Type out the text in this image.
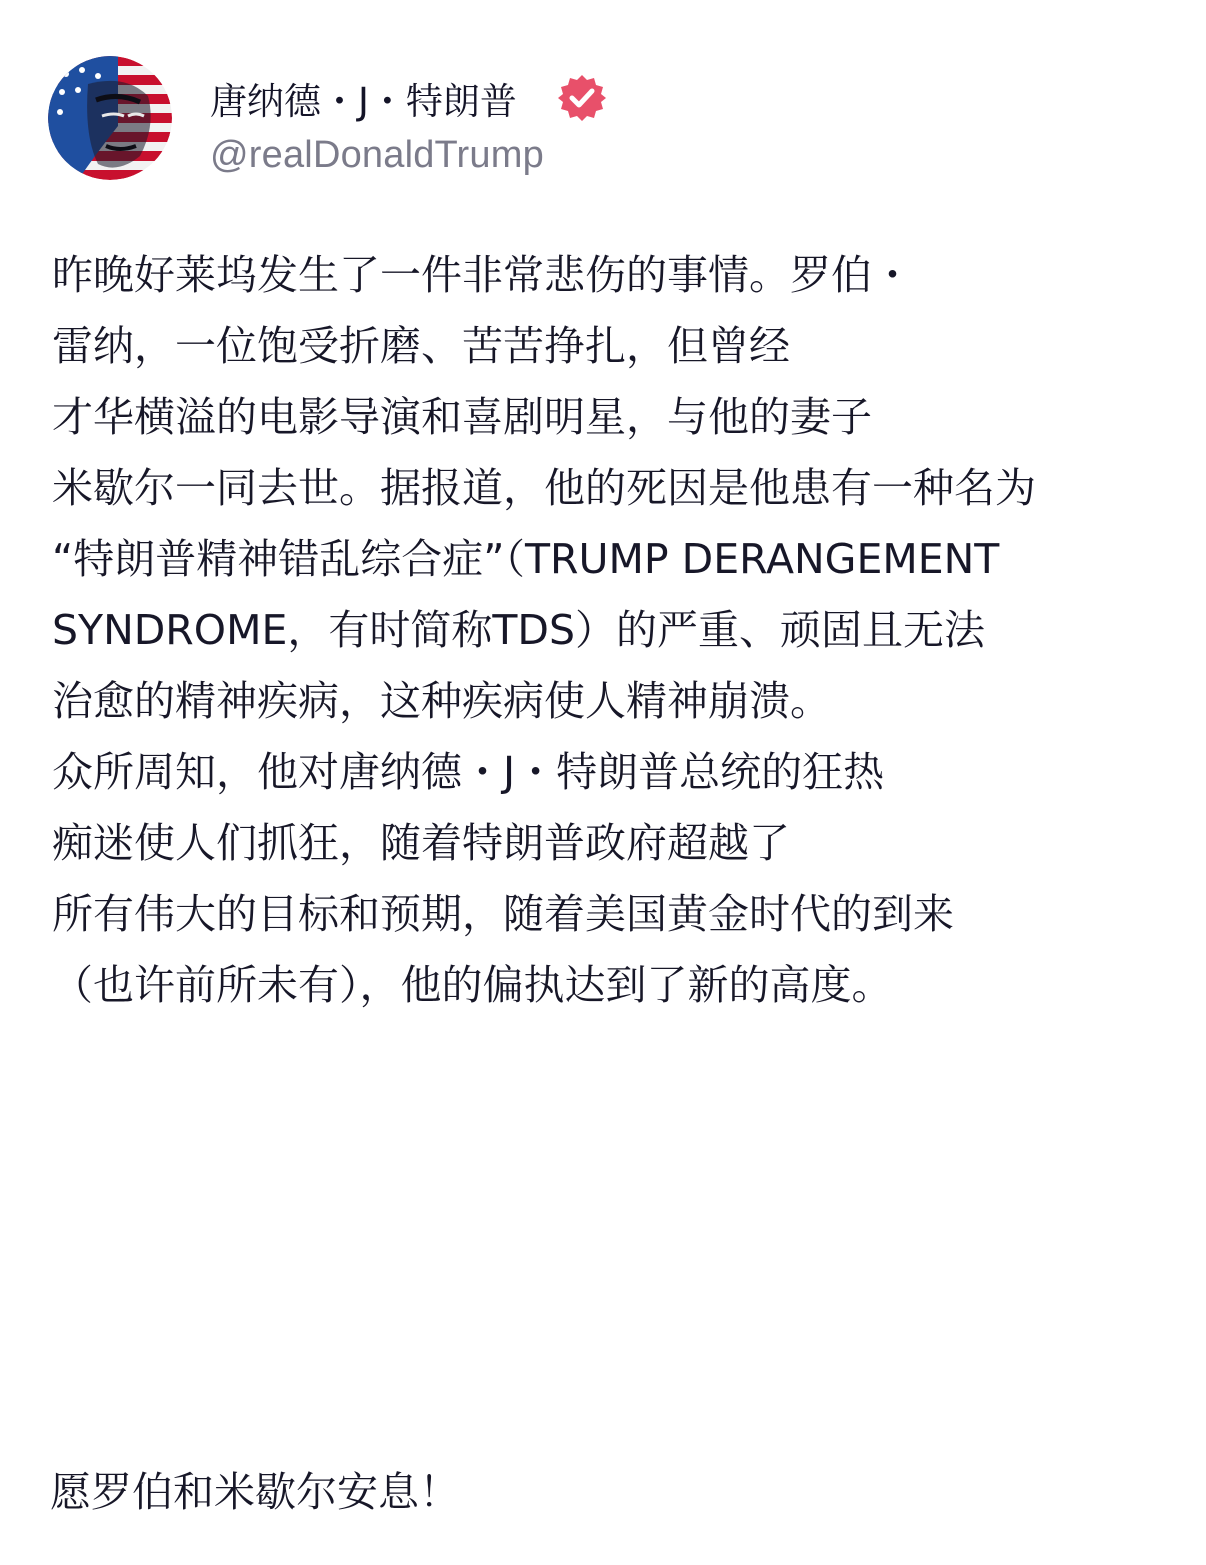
唐纳德・J・特朗普
@realDonaldTrump
昨晚好莱坞发生了一件非常悲伤的事情。罗伯・
雷纳，一位饱受折磨、苦苦挣扎，但曾经
才华横溢的电影导演和喜剧明星，与他的妻子
米歇尔一同去世。据报道，他的死因是他患有一种名为
“特朗普精神错乱综合症”（TRUMP DERANGEMENT
SYNDROME，有时简称TDS）的严重、顽固且无法
治愈的精神疾病，这种疾病使人精神崩溃。
众所周知，他对唐纳德・J・特朗普总统的狂热
痴迷使人们抓狂，随着特朗普政府超越了
所有伟大的目标和预期，随着美国黄金时代的到来
（也许前所未有），他的偏执达到了新的高度。
愿罗伯和米歇尔安息！
